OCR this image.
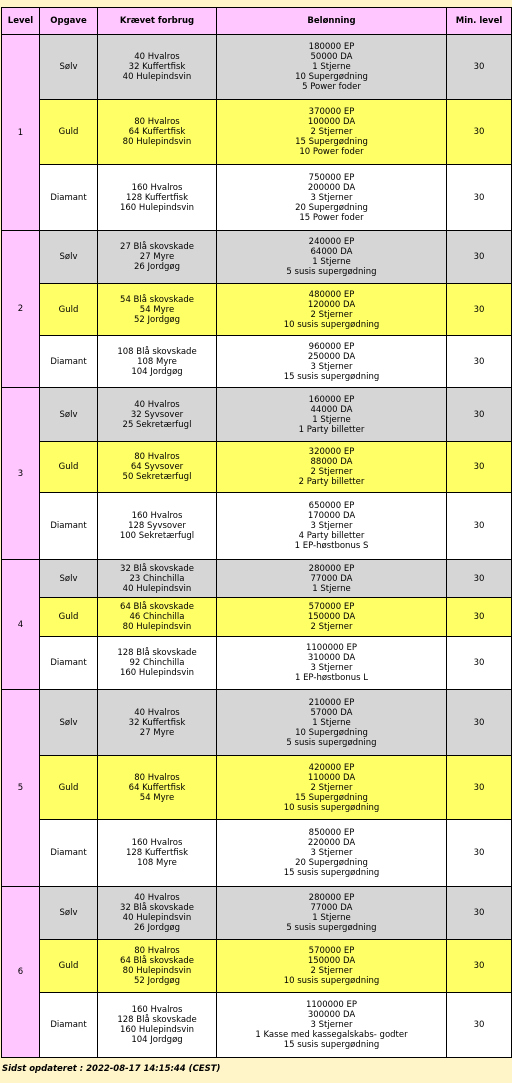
Level	Opgave	Krævet forbrug	Belønning	Min. level
1	Sølv	40 Hvalros
32 Kuffertfisk
40 Hulepindsvin	180000 EP
50000 DA
1 Stjerne
10 Supergødning
5 Power foder	30
	Guld	80 Hvalros
64 Kuffertfisk
80 Hulepindsvin	370000 EP
100000 DA
2 Stjerner
15 Supergødning
10 Power foder	30
	Diamant	160 Hvalros
128 Kuffertfisk
160 Hulepindsvin	750000 EP
200000 DA
3 Stjerner
20 Supergødning
15 Power foder	30
2	Sølv	27 Blå skovskade
27 Myre
26 Jordgøg	240000 EP
64000 DA
1 Stjerne
5 susis supergødning	30
	Guld	54 Blå skovskade
54 Myre
52 Jordgøg	480000 EP
120000 DA
2 Stjerner
10 susis supergødning	30
	Diamant	108 Blå skovskade
108 Myre
104 Jordgøg	960000 EP
250000 DA
3 Stjerner
15 susis supergødning	30
3	Sølv	40 Hvalros
32 Syvsover
25 Sekretærfugl	160000 EP
44000 DA
1 Stjerne
1 Party billetter	30
	Guld	80 Hvalros
64 Syvsover
50 Sekretærfugl	320000 EP
88000 DA
2 Stjerner
2 Party billetter	30
	Diamant	160 Hvalros
128 Syvsover
100 Sekretærfugl	650000 EP
170000 DA
3 Stjerner
4 Party billetter
1 EP-høstbonus S	30
4	Sølv	32 Blå skovskade
23 Chinchilla
40 Hulepindsvin	280000 EP
77000 DA
1 Stjerne	30
	Guld	64 Blå skovskade
46 Chinchilla
80 Hulepindsvin	570000 EP
150000 DA
2 Stjerner	30
	Diamant	128 Blå skovskade
92 Chinchilla
160 Hulepindsvin	1100000 EP
310000 DA
3 Stjerner
1 EP-høstbonus L	30
5	Sølv	40 Hvalros
32 Kuffertfisk
27 Myre	210000 EP
57000 DA
1 Stjerne
10 Supergødning
5 susis supergødning	30
	Guld	80 Hvalros
64 Kuffertfisk
54 Myre	420000 EP
110000 DA
2 Stjerner
15 Supergødning
10 susis supergødning	30
	Diamant	160 Hvalros
128 Kuffertfisk
108 Myre	850000 EP
220000 DA
3 Stjerner
20 Supergødning
15 susis supergødning	30
6	Sølv	40 Hvalros
32 Blå skovskade
40 Hulepindsvin
26 Jordgøg	280000 EP
77000 DA
1 Stjerne
5 susis supergødning	30
	Guld	80 Hvalros
64 Blå skovskade
80 Hulepindsvin
52 Jordgøg	570000 EP
150000 DA
2 Stjerner
10 susis supergødning	30
	Diamant	160 Hvalros
128 Blå skovskade
160 Hulepindsvin
104 Jordgøg	1100000 EP
300000 DA
3 Stjerner
1 Kasse med kassegalskabs- godter
15 susis supergødning	30
Sidst opdateret : 2022-08-17 14:15:44 (CEST)
